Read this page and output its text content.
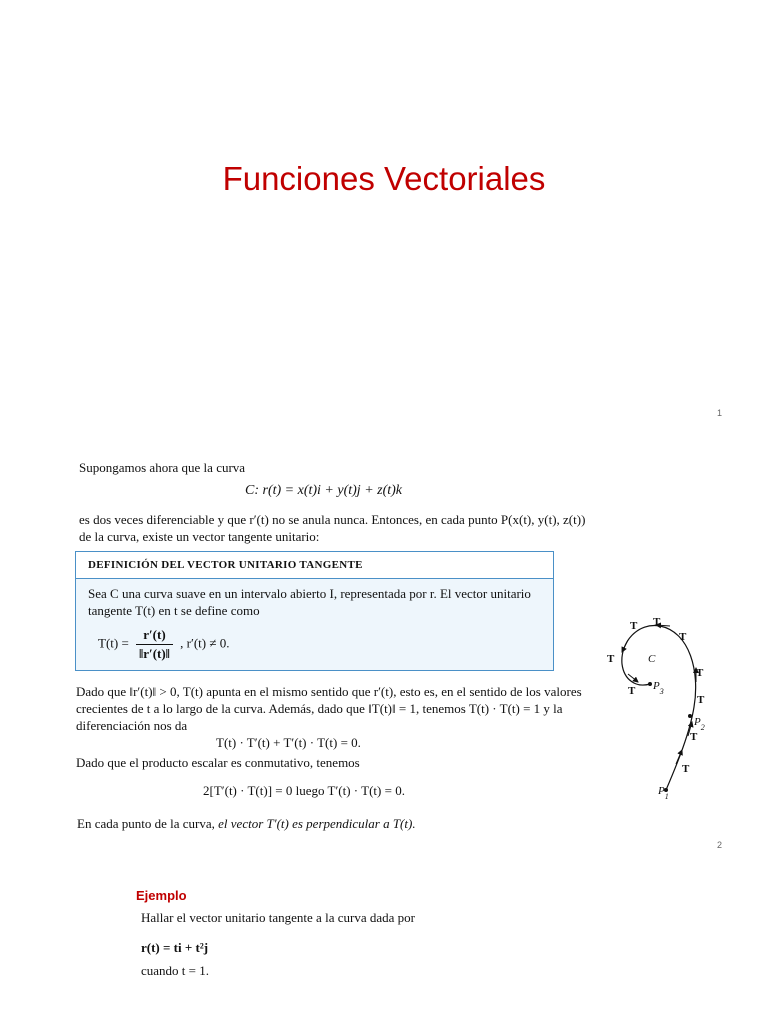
Funciones Vectoriales
1
Supongamos ahora que la curva
C: r(t) = x(t)i + y(t)j + z(t)k
es dos veces diferenciable y que r′(t) no se anula nunca. Entonces, en cada punto P(x(t), y(t), z(t)) de la curva, existe un vector tangente unitario:
DEFINICIÓN DEL VECTOR UNITARIO TANGENTE
Sea C una curva suave en un intervalo abierto I, representada por r. El vector unitario tangente T(t) en t se define como
$T(t) = \frac{r'(t)}{‖r'(t)‖}$ , r′(t) ≠ 0.
Dado que ‖r′(t)‖ > 0, T(t) apunta en el mismo sentido que r′(t), esto es, en el sentido de los valores crecientes de t a lo largo de la curva. Además, dado que ‖T(t)‖ = 1, tenemos T(t) · T(t) = 1 y la diferenciación nos da
T(t) · T′(t) + T′(t) · T(t) = 0.
Dado que el producto escalar es conmutativo, tenemos
2[T′(t) · T(t)] = 0 luego T′(t) · T(t) = 0.
En cada punto de la curva, el vector T′(t) es perpendicular a T(t).
C
T T
T
T
T
T
T
T
T
$P_3$
$P_2$
$P_1$
2
Ejemplo
Hallar el vector unitario tangente a la curva dada por
r(t) = ti + t²j
cuando t = 1.
